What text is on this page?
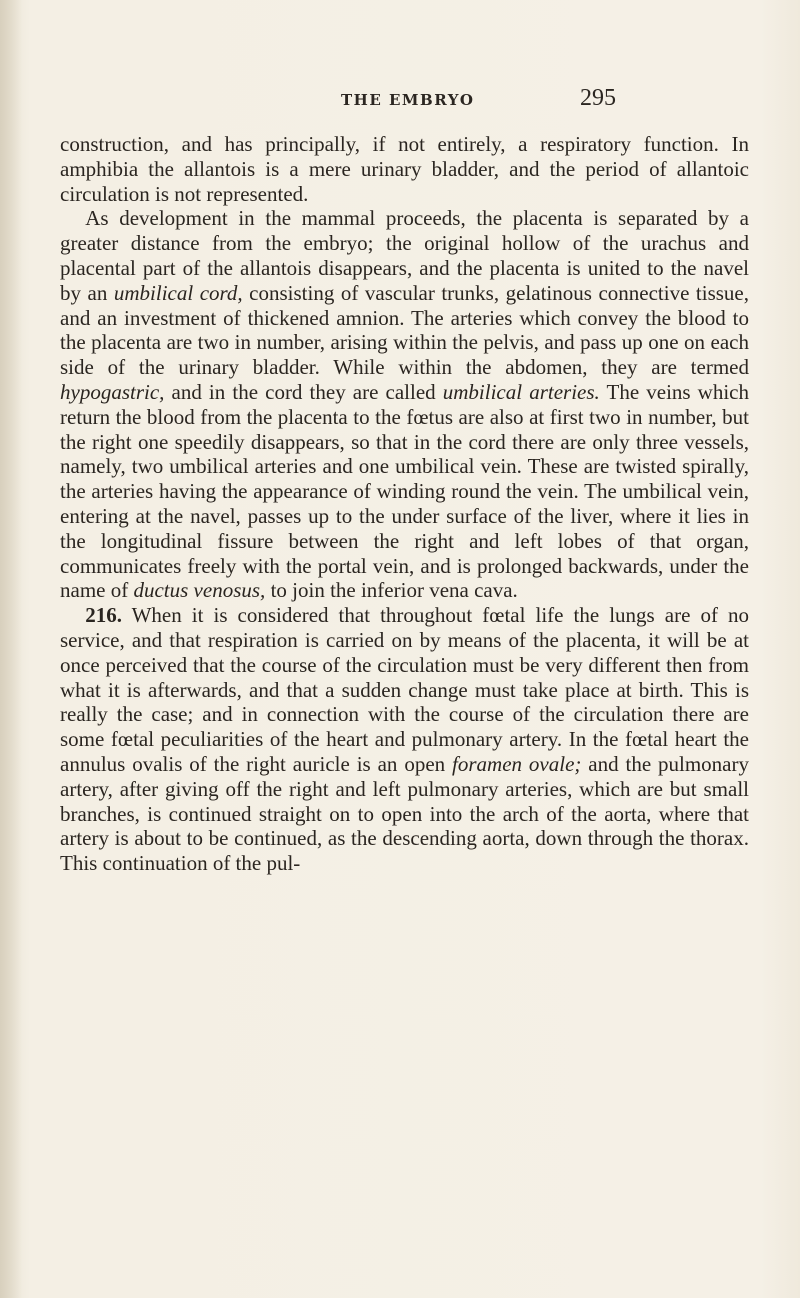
THE EMBRYO	295

construction, and has principally, if not entirely, a respiratory function. In amphibia the allantois is a mere urinary bladder, and the period of allantoic circulation is not represented.

As development in the mammal proceeds, the placenta is separated by a greater distance from the embryo; the original hollow of the urachus and placental part of the allantois disappears, and the placenta is united to the navel by an umbilical cord, consisting of vascular trunks, gelatinous connective tissue, and an investment of thickened amnion. The arteries which convey the blood to the placenta are two in number, arising within the pelvis, and pass up one on each side of the urinary bladder. While within the abdomen, they are termed hypogastric, and in the cord they are called umbilical arteries. The veins which return the blood from the placenta to the fœtus are also at first two in number, but the right one speedily disappears, so that in the cord there are only three vessels, namely, two umbilical arteries and one umbilical vein. These are twisted spirally, the arteries having the appearance of winding round the vein. The umbilical vein, entering at the navel, passes up to the under surface of the liver, where it lies in the longitudinal fissure between the right and left lobes of that organ, communicates freely with the portal vein, and is prolonged backwards, under the name of ductus venosus, to join the inferior vena cava.

216. When it is considered that throughout fœtal life the lungs are of no service, and that respiration is carried on by means of the placenta, it will be at once perceived that the course of the circulation must be very different then from what it is afterwards, and that a sudden change must take place at birth. This is really the case; and in connection with the course of the circulation there are some fœtal peculiarities of the heart and pulmonary artery. In the fœtal heart the annulus ovalis of the right auricle is an open foramen ovale; and the pulmonary artery, after giving off the right and left pulmonary arteries, which are but small branches, is continued straight on to open into the arch of the aorta, where that artery is about to be continued, as the descending aorta, down through the thorax. This continuation of the pul-
